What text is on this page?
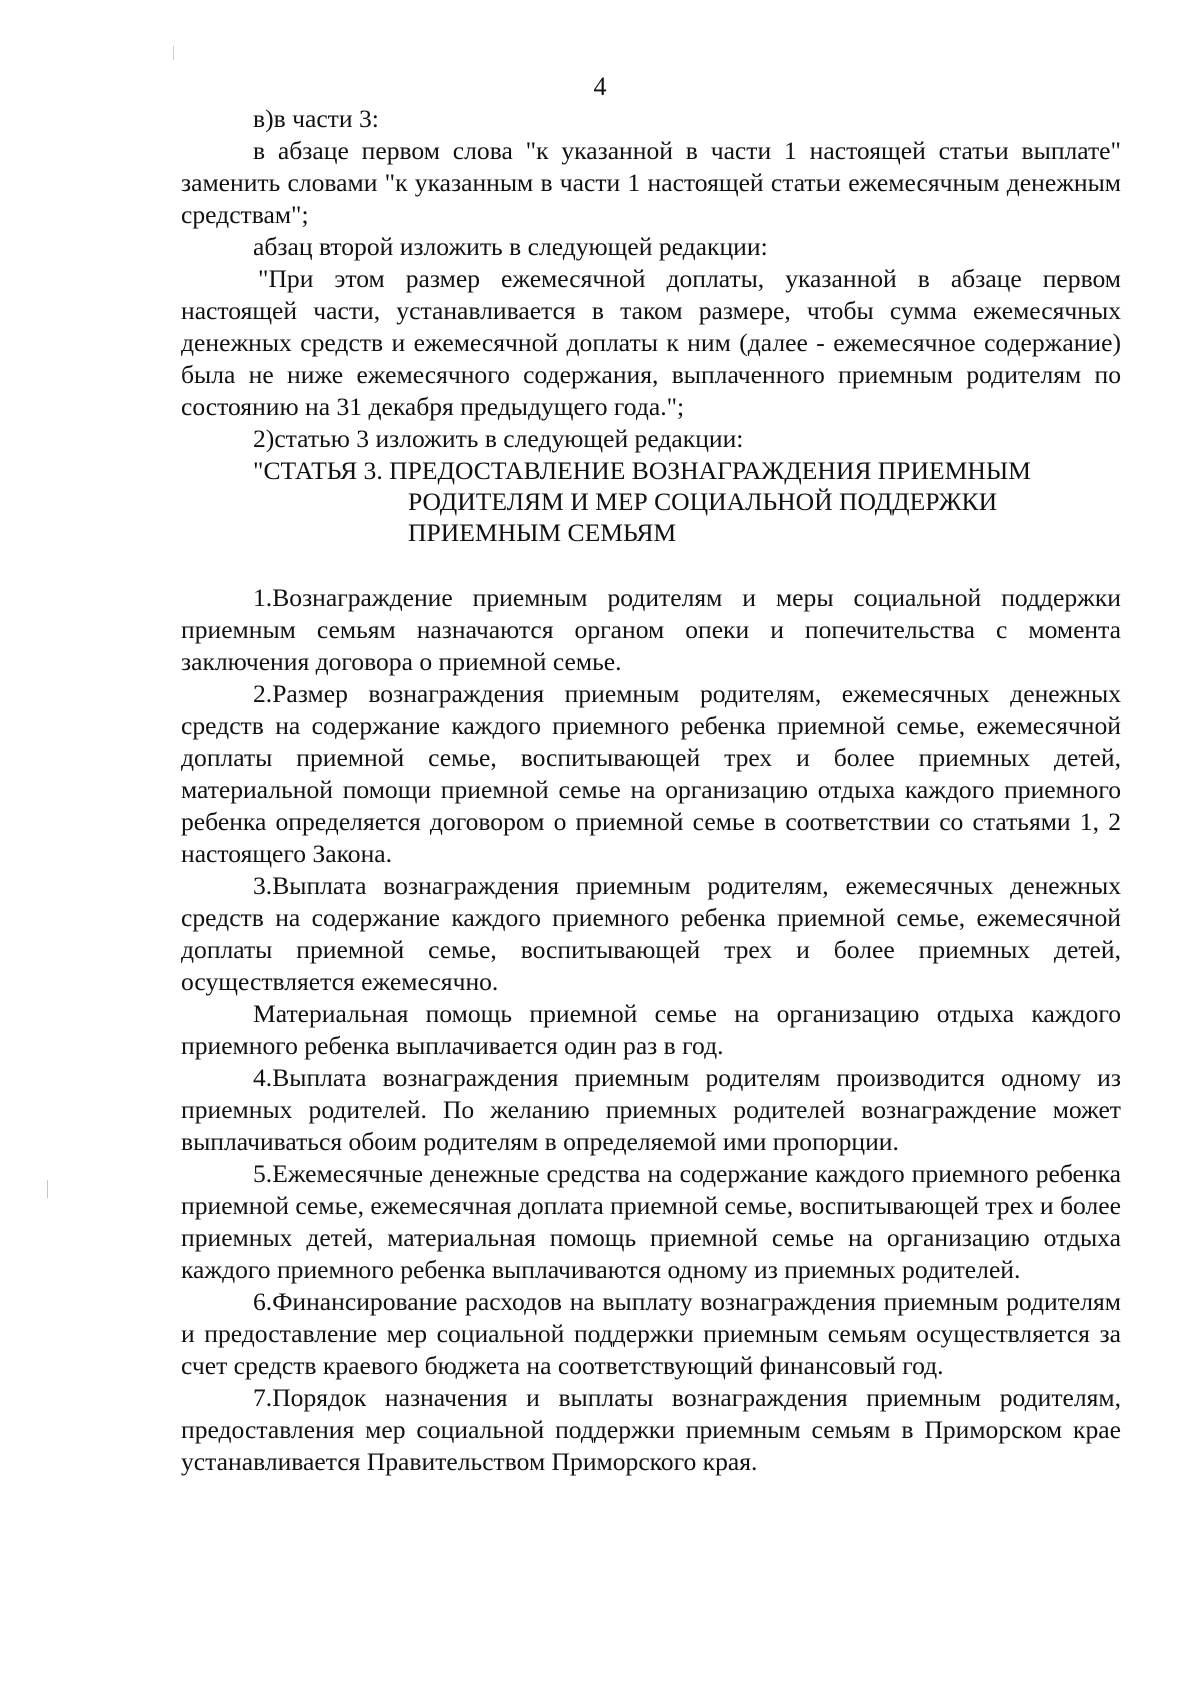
4

в)в части 3:

в абзаце первом слова "к указанной в части 1 настоящей статьи выплате" заменить словами "к указанным в части 1 настоящей статьи ежемесячным денежным средствам";

абзац второй изложить в следующей редакции:

"При этом размер ежемесячной доплаты, указанной в абзаце первом настоящей части, устанавливается в таком размере, чтобы сумма ежемесячных денежных средств и ежемесячной доплаты к ним (далее - ежемесячное содержание) была не ниже ежемесячного содержания, выплаченного приемным родителям по состоянию на 31 декабря предыдущего года.";

2)статью 3 изложить в следующей редакции:

"СТАТЬЯ 3. ПРЕДОСТАВЛЕНИЕ ВОЗНАГРАЖДЕНИЯ ПРИЕМНЫМ
РОДИТЕЛЯМ И МЕР СОЦИАЛЬНОЙ ПОДДЕРЖКИ
ПРИЕМНЫМ СЕМЬЯМ

1.Вознаграждение приемным родителям и меры социальной поддержки приемным семьям назначаются органом опеки и попечительства с момента заключения договора о приемной семье.

2.Размер вознаграждения приемным родителям, ежемесячных денежных средств на содержание каждого приемного ребенка приемной семье, ежемесячной доплаты приемной семье, воспитывающей трех и более приемных детей, материальной помощи приемной семье на организацию отдыха каждого приемного ребенка определяется договором о приемной семье в соответствии со статьями 1, 2 настоящего Закона.

3.Выплата вознаграждения приемным родителям, ежемесячных денежных средств на содержание каждого приемного ребенка приемной семье, ежемесячной доплаты приемной семье, воспитывающей трех и более приемных детей, осуществляется ежемесячно.

Материальная помощь приемной семье на организацию отдыха каждого приемного ребенка выплачивается один раз в год.

4.Выплата вознаграждения приемным родителям производится одному из приемных родителей. По желанию приемных родителей вознаграждение может выплачиваться обоим родителям в определяемой ими пропорции.

5.Ежемесячные денежные средства на содержание каждого приемного ребенка приемной семье, ежемесячная доплата приемной семье, воспитывающей трех и более приемных детей, материальная помощь приемной семье на организацию отдыха каждого приемного ребенка выплачиваются одному из приемных родителей.

6.Финансирование расходов на выплату вознаграждения приемным родителям и предоставление мер социальной поддержки приемным семьям осуществляется за счет средств краевого бюджета на соответствующий финансовый год.

7.Порядок назначения и выплаты вознаграждения приемным родителям, предоставления мер социальной поддержки приемным семьям в Приморском крае устанавливается Правительством Приморского края.
